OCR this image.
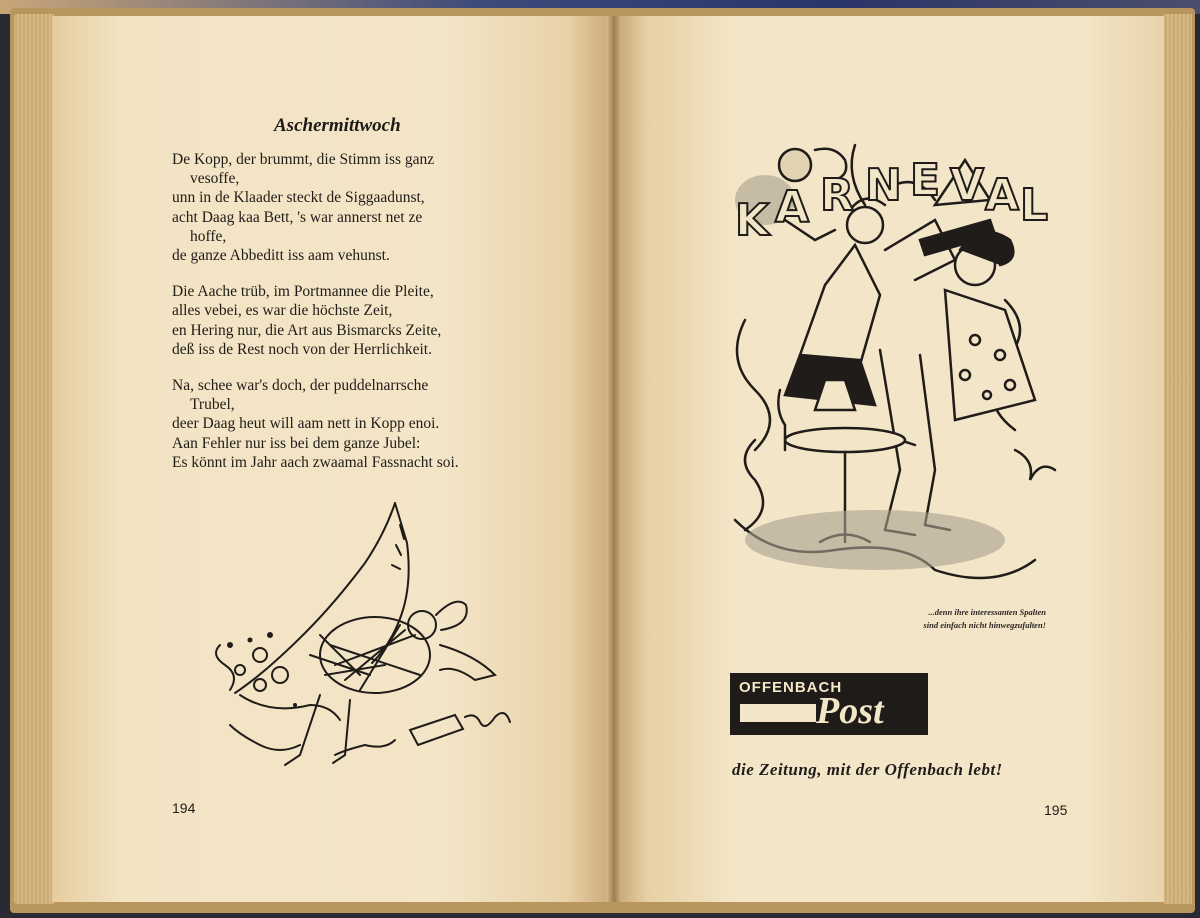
Aschermittwoch

De Kopp, der brummt, die Stimm iss ganz
vesoffe,
unn in de Klaader steckt de Siggaadunst,
acht Daag kaa Bett, 's war annerst net ze
hoffe,
de ganze Abbeditt iss aam vehunst.

Die Aache trüb, im Portmannee die Pleite,
alles vebei, es war die höchste Zeit,
en Hering nur, die Art aus Bismarcks Zeite,
deß iss de Rest noch von der Herrlichkeit.

Na, schee war's doch, der puddelnarrsche
Trubel,
deer Daag heut will aam nett in Kopp enoi.
Aan Fehler nur iss bei dem ganze Jubel:
Es könnt im Jahr aach zwaamal Fassnacht soi.

194

K A R N E V A L

...denn ihre interessanten Spalten
sind einfach nicht hinwegzufalten!

OFFENBACH

Post

die Zeitung, mit der Offenbach lebt!

195
